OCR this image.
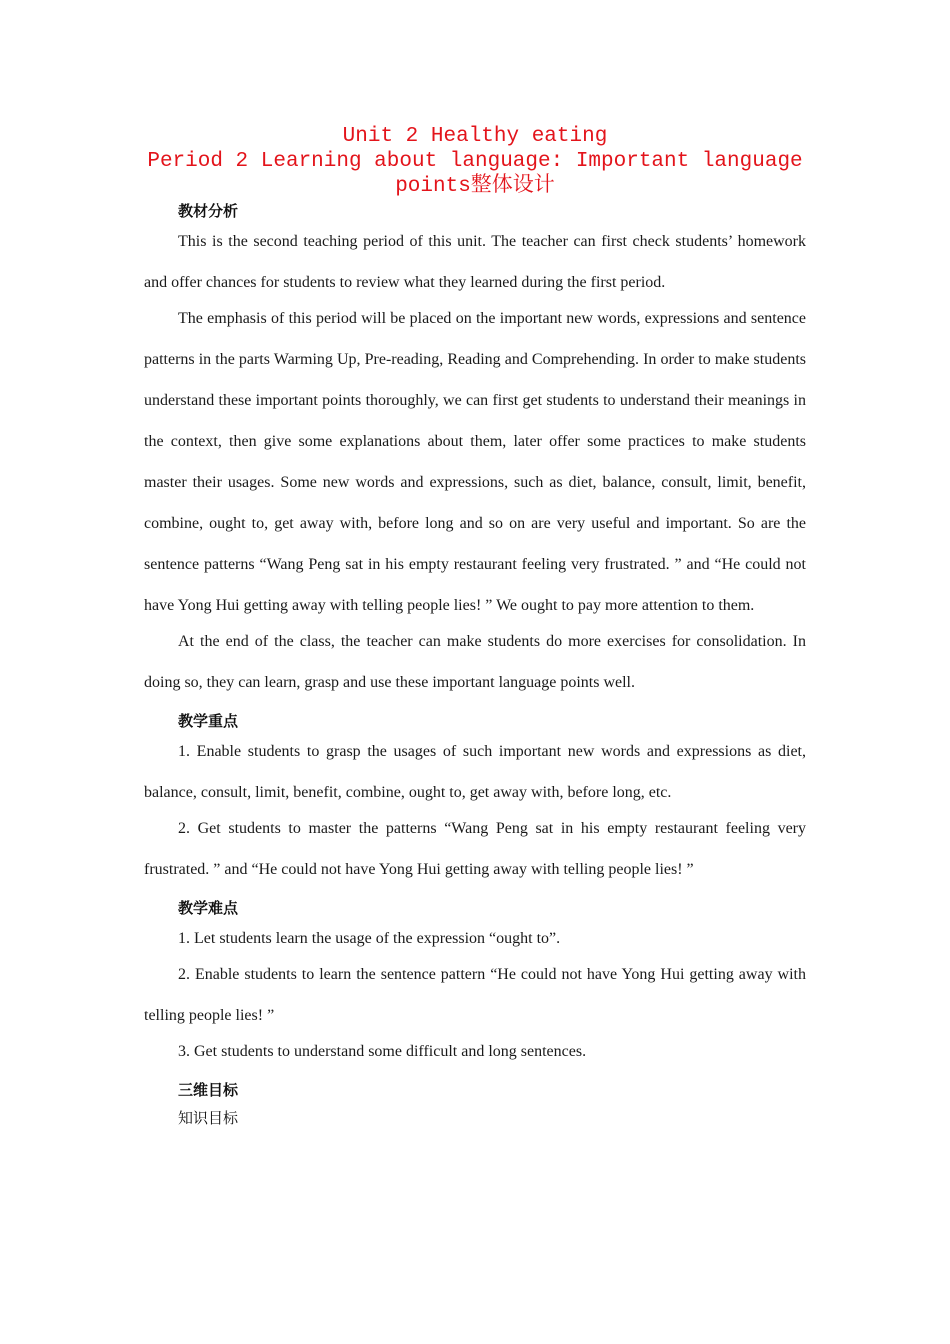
Unit 2 Healthy eating
Period 2 Learning about language: Important language
points整体设计
教材分析

This is the second teaching period of this unit. The teacher can first check students’ homework and offer chances for students to review what they learned during the first period.

The emphasis of this period will be placed on the important new words, expressions and sentence patterns in the parts Warming Up, Pre-reading, Reading and Comprehending. In order to make students understand these important points thoroughly, we can first get students to understand their meanings in the context, then give some explanations about them, later offer some practices to make students master their usages. Some new words and expressions, such as diet, balance, consult, limit, benefit, combine, ought to, get away with, before long and so on are very useful and important. So are the sentence patterns “Wang Peng sat in his empty restaurant feeling very frustrated. ” and “He could not have Yong Hui getting away with telling people lies! ” We ought to pay more attention to them.

At the end of the class, the teacher can make students do more exercises for consolidation. In doing so, they can learn, grasp and use these important language points well.

教学重点

1. Enable students to grasp the usages of such important new words and expressions as diet, balance, consult, limit, benefit, combine, ought to, get away with, before long, etc.

2. Get students to master the patterns “Wang Peng sat in his empty restaurant feeling very frustrated. ” and “He could not have Yong Hui getting away with telling people lies! ”

教学难点

1. Let students learn the usage of the expression “ought to”.

2. Enable students to learn the sentence pattern “He could not have Yong Hui getting away with telling people lies! ”

3. Get students to understand some difficult and long sentences.

三维目标
知识目标
